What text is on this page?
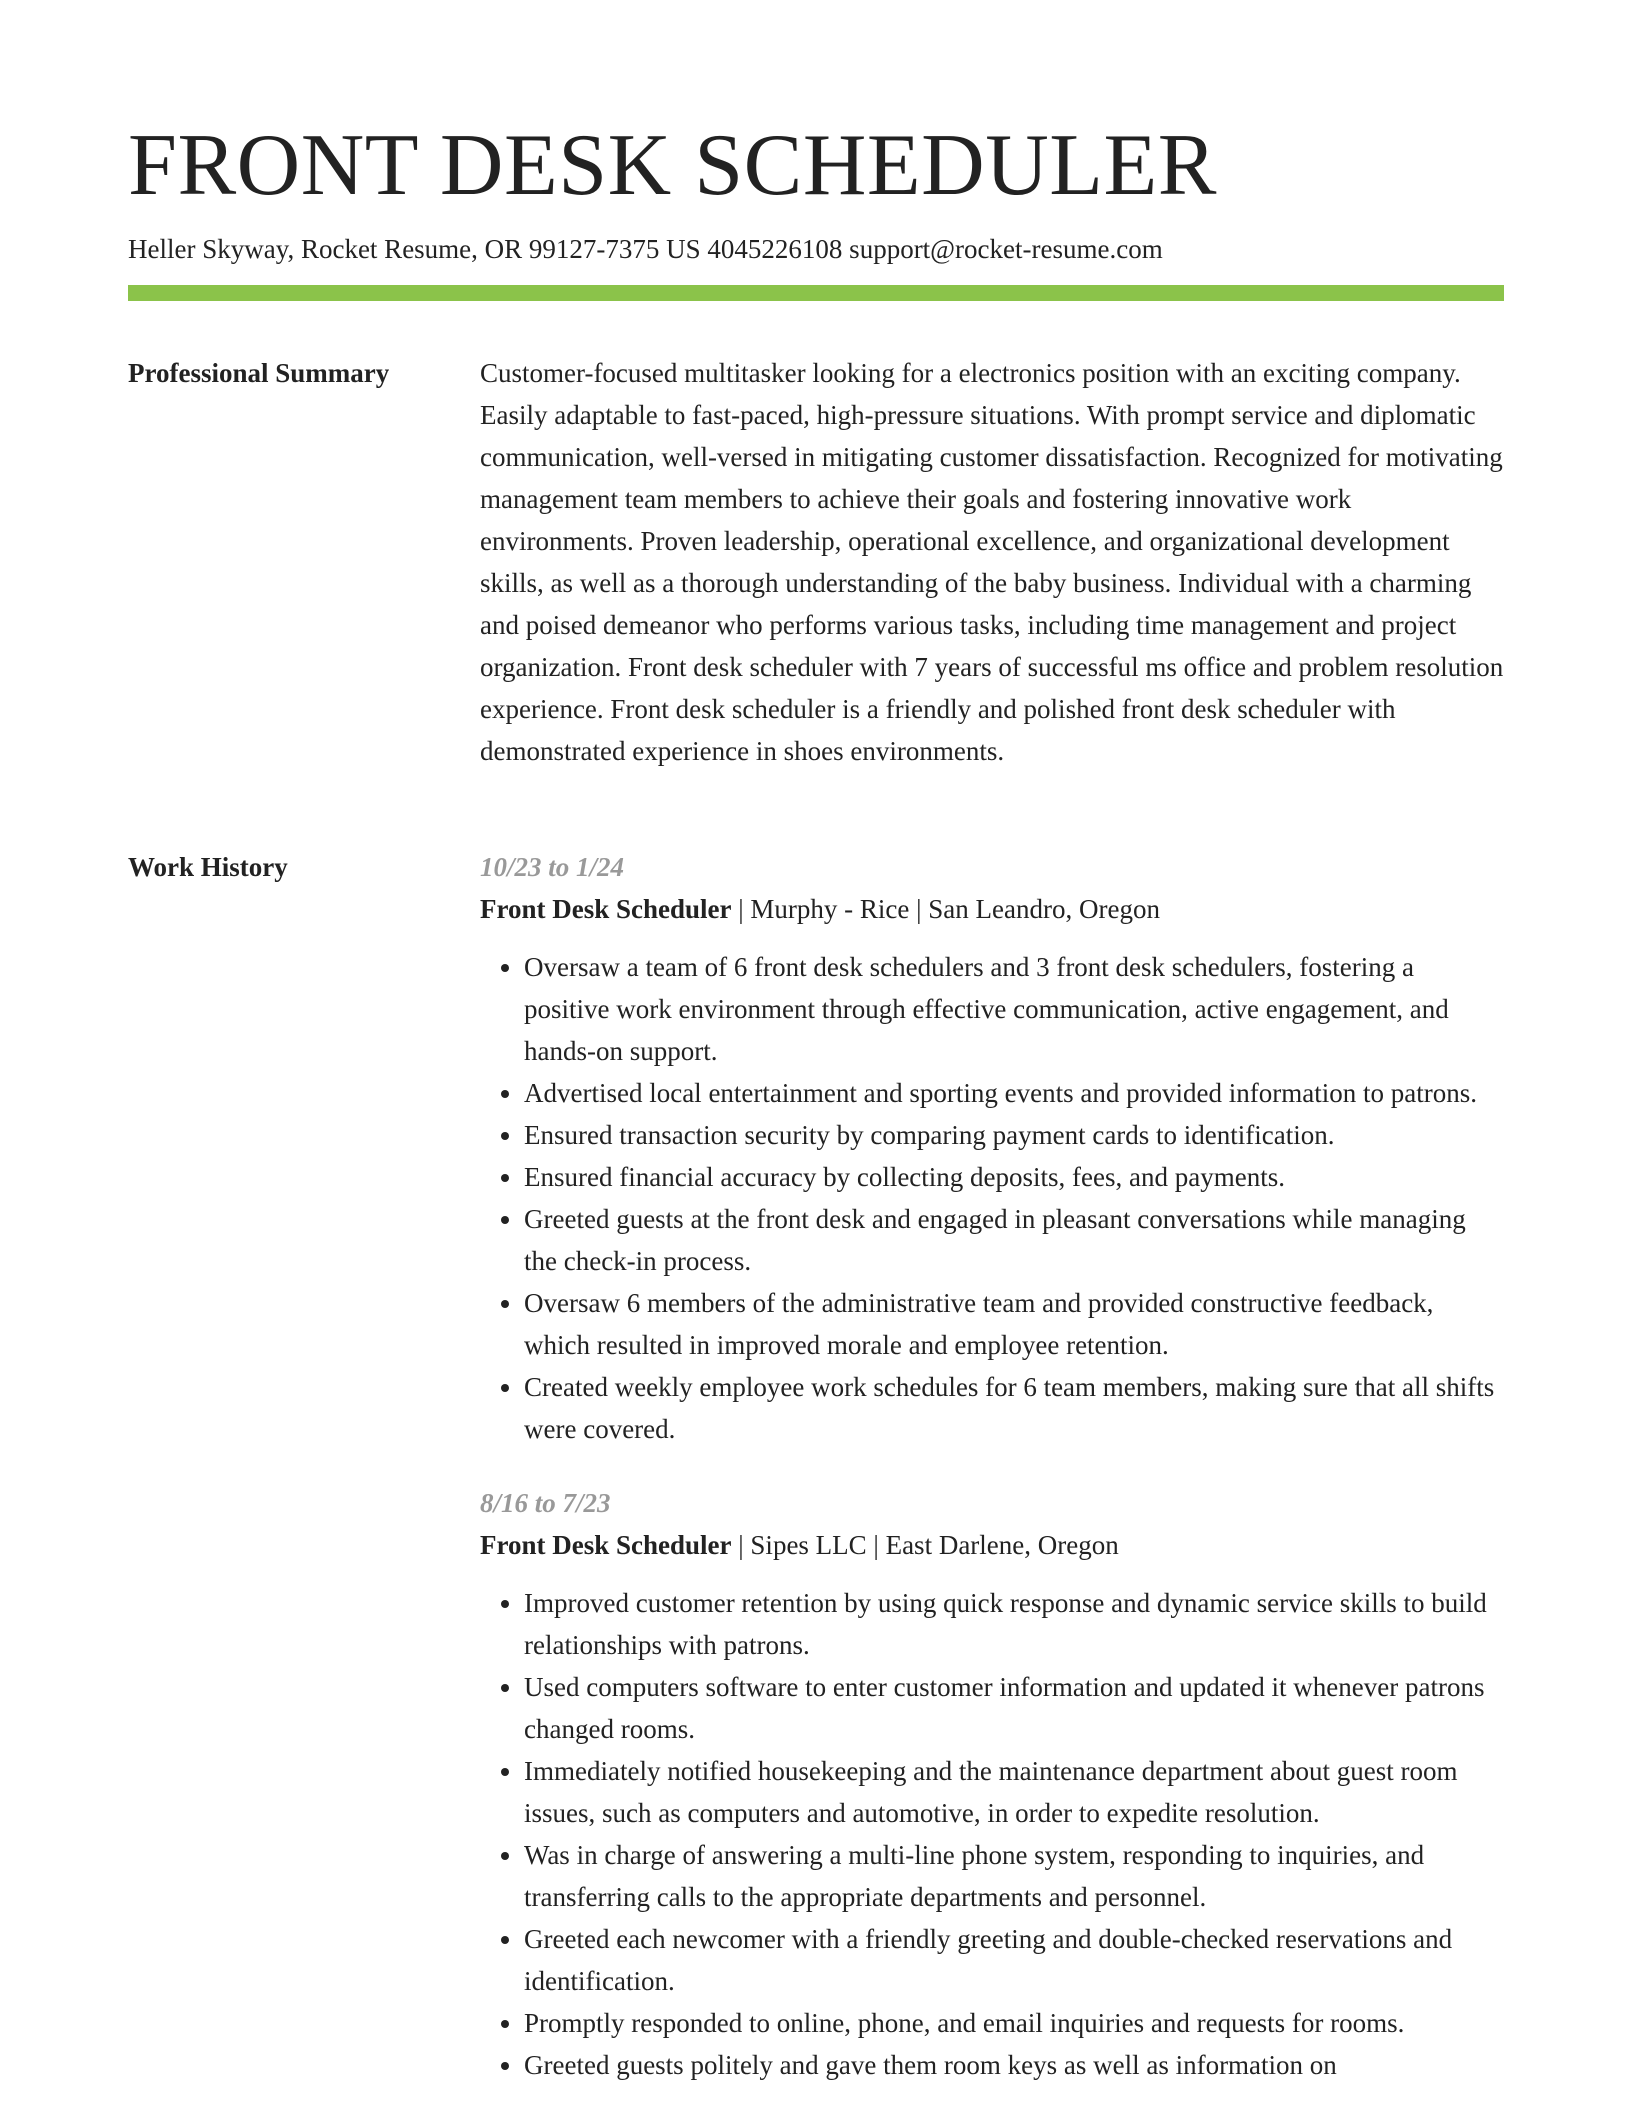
FRONT DESK SCHEDULER
Heller Skyway, Rocket Resume, OR 99127-7375 US 4045226108 support@rocket-resume.com
Professional Summary	Customer-focused multitasker looking for a electronics position with an exciting company. Easily adaptable to fast-paced, high-pressure situations. With prompt service and diplomatic communication, well-versed in mitigating customer dissatisfaction. Recognized for motivating management team members to achieve their goals and fostering innovative work environments. Proven leadership, operational excellence, and organizational development skills, as well as a thorough understanding of the baby business. Individual with a charming and poised demeanor who performs various tasks, including time management and project organization. Front desk scheduler with 7 years of successful ms office and problem resolution experience. Front desk scheduler is a friendly and polished front desk scheduler with demonstrated experience in shoes environments.

Work History	10/23 to 1/24

Front Desk Scheduler | Murphy - Rice | San Leandro, Oregon

• Oversaw a team of 6 front desk schedulers and 3 front desk schedulers, fostering a positive work environment through effective communication, active engagement, and hands-on support.
• Advertised local entertainment and sporting events and provided information to patrons.
• Ensured transaction security by comparing payment cards to identification.
• Ensured financial accuracy by collecting deposits, fees, and payments.
• Greeted guests at the front desk and engaged in pleasant conversations while managing the check-in process.
• Oversaw 6 members of the administrative team and provided constructive feedback, which resulted in improved morale and employee retention.
• Created weekly employee work schedules for 6 team members, making sure that all shifts were covered.

8/16 to 7/23

Front Desk Scheduler | Sipes LLC | East Darlene, Oregon

• Improved customer retention by using quick response and dynamic service skills to build relationships with patrons.
• Used computers software to enter customer information and updated it whenever patrons changed rooms.
• Immediately notified housekeeping and the maintenance department about guest room issues, such as computers and automotive, in order to expedite resolution.
• Was in charge of answering a multi-line phone system, responding to inquiries, and transferring calls to the appropriate departments and personnel.
• Greeted each newcomer with a friendly greeting and double-checked reservations and identification.
• Promptly responded to online, phone, and email inquiries and requests for rooms.
• Greeted guests politely and gave them room keys as well as information on
